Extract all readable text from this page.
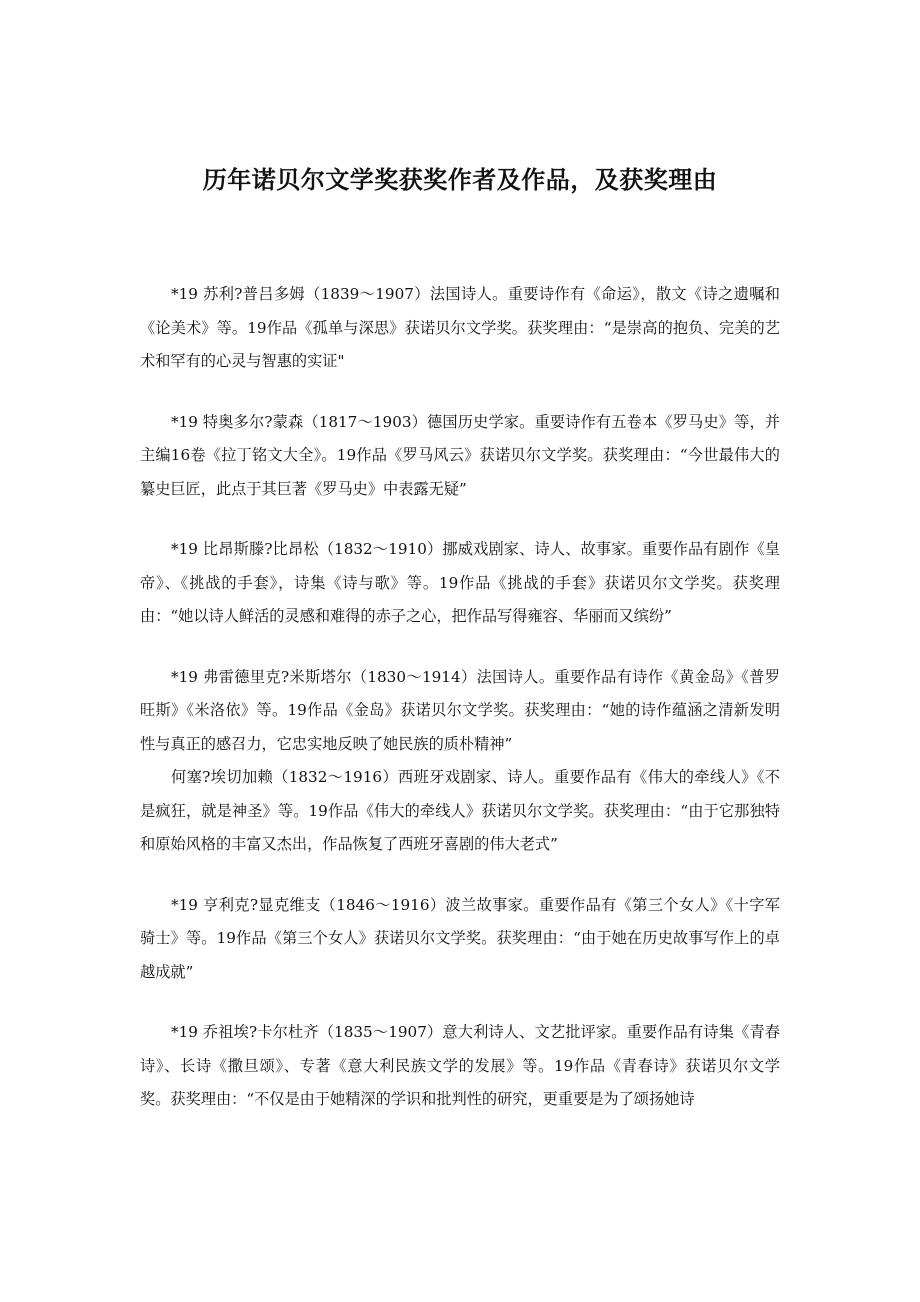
历年诺贝尔文学奖获奖作者及作品，及获奖理由

*19 苏利?普吕多姆（1839～1907）法国诗人。重要诗作有《命运》，散文《诗之遗嘱和《论美术》等。19作品《孤单与深思》获诺贝尔文学奖。获奖理由：“是崇高的抱负、完美的艺术和罕有的心灵与智惠的实证"

*19 特奥多尔?蒙森（1817～1903）德国历史学家。重要诗作有五卷本《罗马史》等，并主编16卷《拉丁铭文大全》。19作品《罗马风云》获诺贝尔文学奖。获奖理由：“今世最伟大的纂史巨匠，此点于其巨著《罗马史》中表露无疑”

*19 比昂斯滕?比昂松（1832～1910）挪威戏剧家、诗人、故事家。重要作品有剧作《皇帝》、《挑战的手套》，诗集《诗与歌》等。19作品《挑战的手套》获诺贝尔文学奖。获奖理由：“她以诗人鲜活的灵感和难得的赤子之心，把作品写得雍容、华丽而又缤纷”

*19 弗雷德里克?米斯塔尔（1830～1914）法国诗人。重要作品有诗作《黄金岛》《普罗旺斯》《米洛依》等。19作品《金岛》获诺贝尔文学奖。获奖理由：“她的诗作蕴涵之清新发明性与真正的感召力，它忠实地反映了她民族的质朴精神”

何塞?埃切加赖（1832～1916）西班牙戏剧家、诗人。重要作品有《伟大的牵线人》《不是疯狂，就是神圣》等。19作品《伟大的牵线人》获诺贝尔文学奖。获奖理由：“由于它那独特和原始风格的丰富又杰出，作品恢复了西班牙喜剧的伟大老式”

*19 亨利克?显克维支（1846～1916）波兰故事家。重要作品有《第三个女人》《十字军骑士》等。19作品《第三个女人》获诺贝尔文学奖。获奖理由：“由于她在历史故事写作上的卓越成就”

*19 乔祖埃?卡尔杜齐（1835～1907）意大利诗人、文艺批评家。重要作品有诗集《青春诗》、长诗《撒旦颂》、专著《意大利民族文学的发展》等。19作品《青春诗》获诺贝尔文学奖。获奖理由：“不仅是由于她精深的学识和批判性的研究，更重要是为了颂扬她诗
